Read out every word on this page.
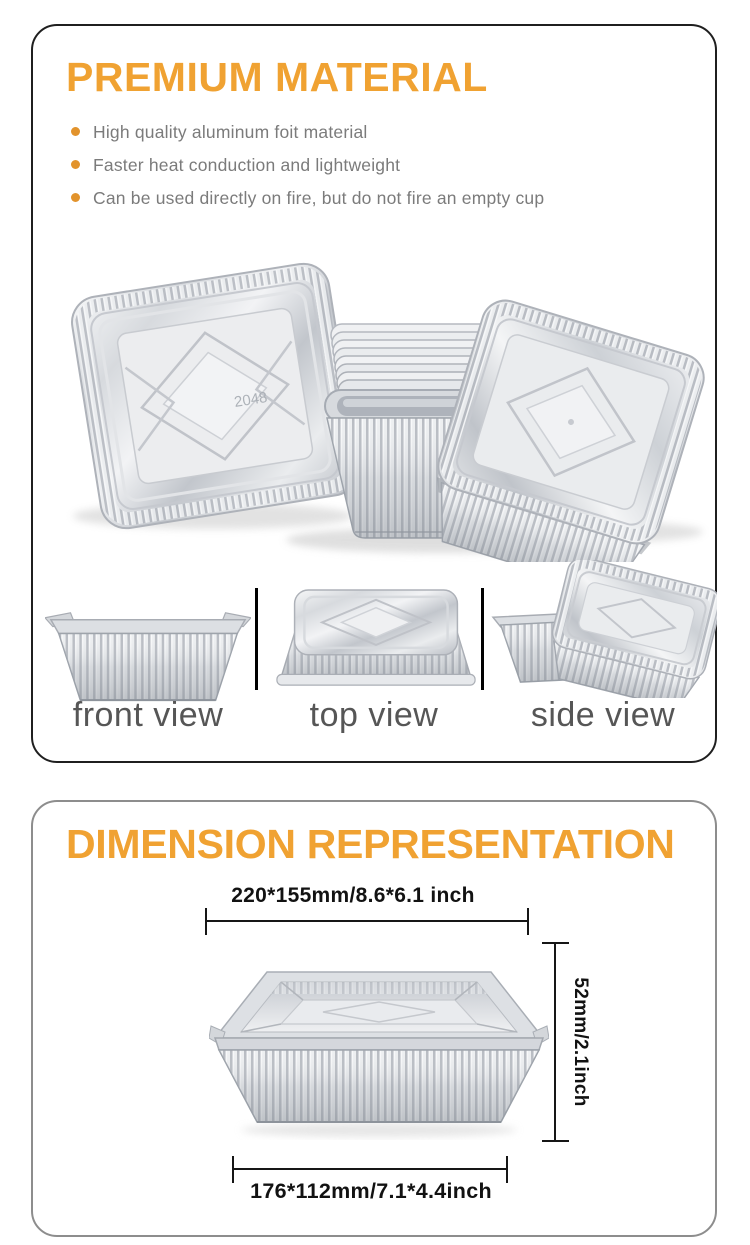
PREMIUM MATERIAL
High quality aluminum foit material
Faster heat conduction and lightweight
Can be used directly on fire, but do not fire an empty cup
2048
front view	top view	side view
DIMENSION REPRESENTATION
220*155mm/8.6*6.1 inch
52mm/2.1inch
176*112mm/7.1*4.4inch
